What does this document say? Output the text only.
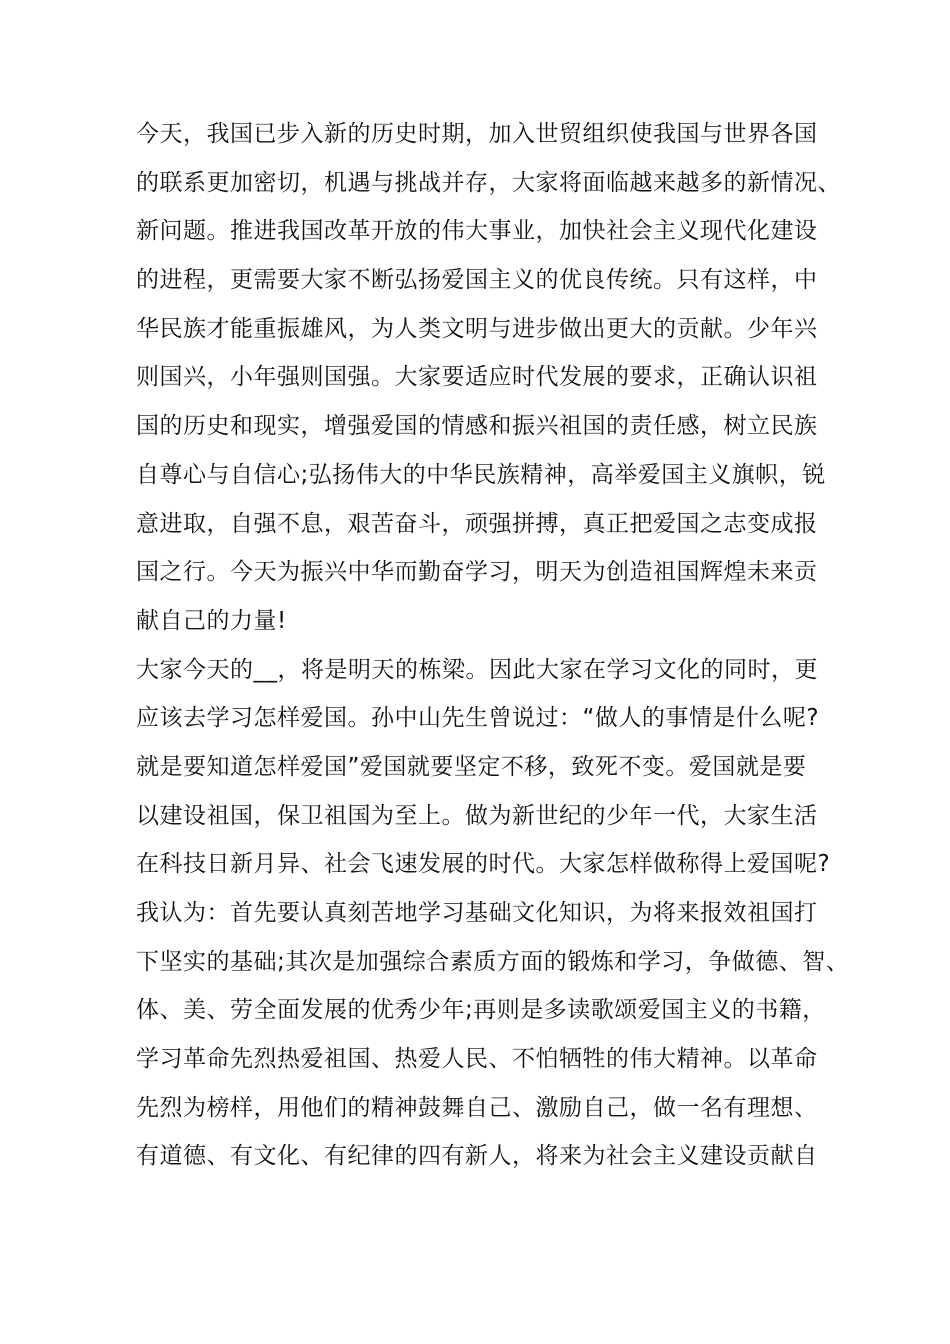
今天，我国已步入新的历史时期，加入世贸组织使我国与世界各国
的联系更加密切，机遇与挑战并存，大家将面临越来越多的新情况、
新问题。推进我国改革开放的伟大事业，加快社会主义现代化建设
的进程，更需要大家不断弘扬爱国主义的优良传统。只有这样，中
华民族才能重振雄风，为人类文明与进步做出更大的贡献。少年兴
则国兴，小年强则国强。大家要适应时代发展的要求，正确认识祖
国的历史和现实，增强爱国的情感和振兴祖国的责任感，树立民族
自尊心与自信心;弘扬伟大的中华民族精神，高举爱国主义旗帜，锐
意进取，自强不息，艰苦奋斗，顽强拼搏，真正把爱国之志变成报
国之行。今天为振兴中华而勤奋学习，明天为创造祖国辉煌未来贡
献自己的力量!
大家今天的__，将是明天的栋梁。因此大家在学习文化的同时，更
应该去学习怎样爱国。孙中山先生曾说过：“做人的事情是什么呢?
就是要知道怎样爱国”爱国就要坚定不移，致死不变。爱国就是要
以建设祖国，保卫祖国为至上。做为新世纪的少年一代，大家生活
在科技日新月异、社会飞速发展的时代。大家怎样做称得上爱国呢?
我认为：首先要认真刻苦地学习基础文化知识，为将来报效祖国打
下坚实的基础;其次是加强综合素质方面的锻炼和学习，争做德、智、
体、美、劳全面发展的优秀少年;再则是多读歌颂爱国主义的书籍，
学习革命先烈热爱祖国、热爱人民、不怕牺牲的伟大精神。以革命
先烈为榜样，用他们的精神鼓舞自己、激励自己，做一名有理想、
有道德、有文化、有纪律的四有新人，将来为社会主义建设贡献自
